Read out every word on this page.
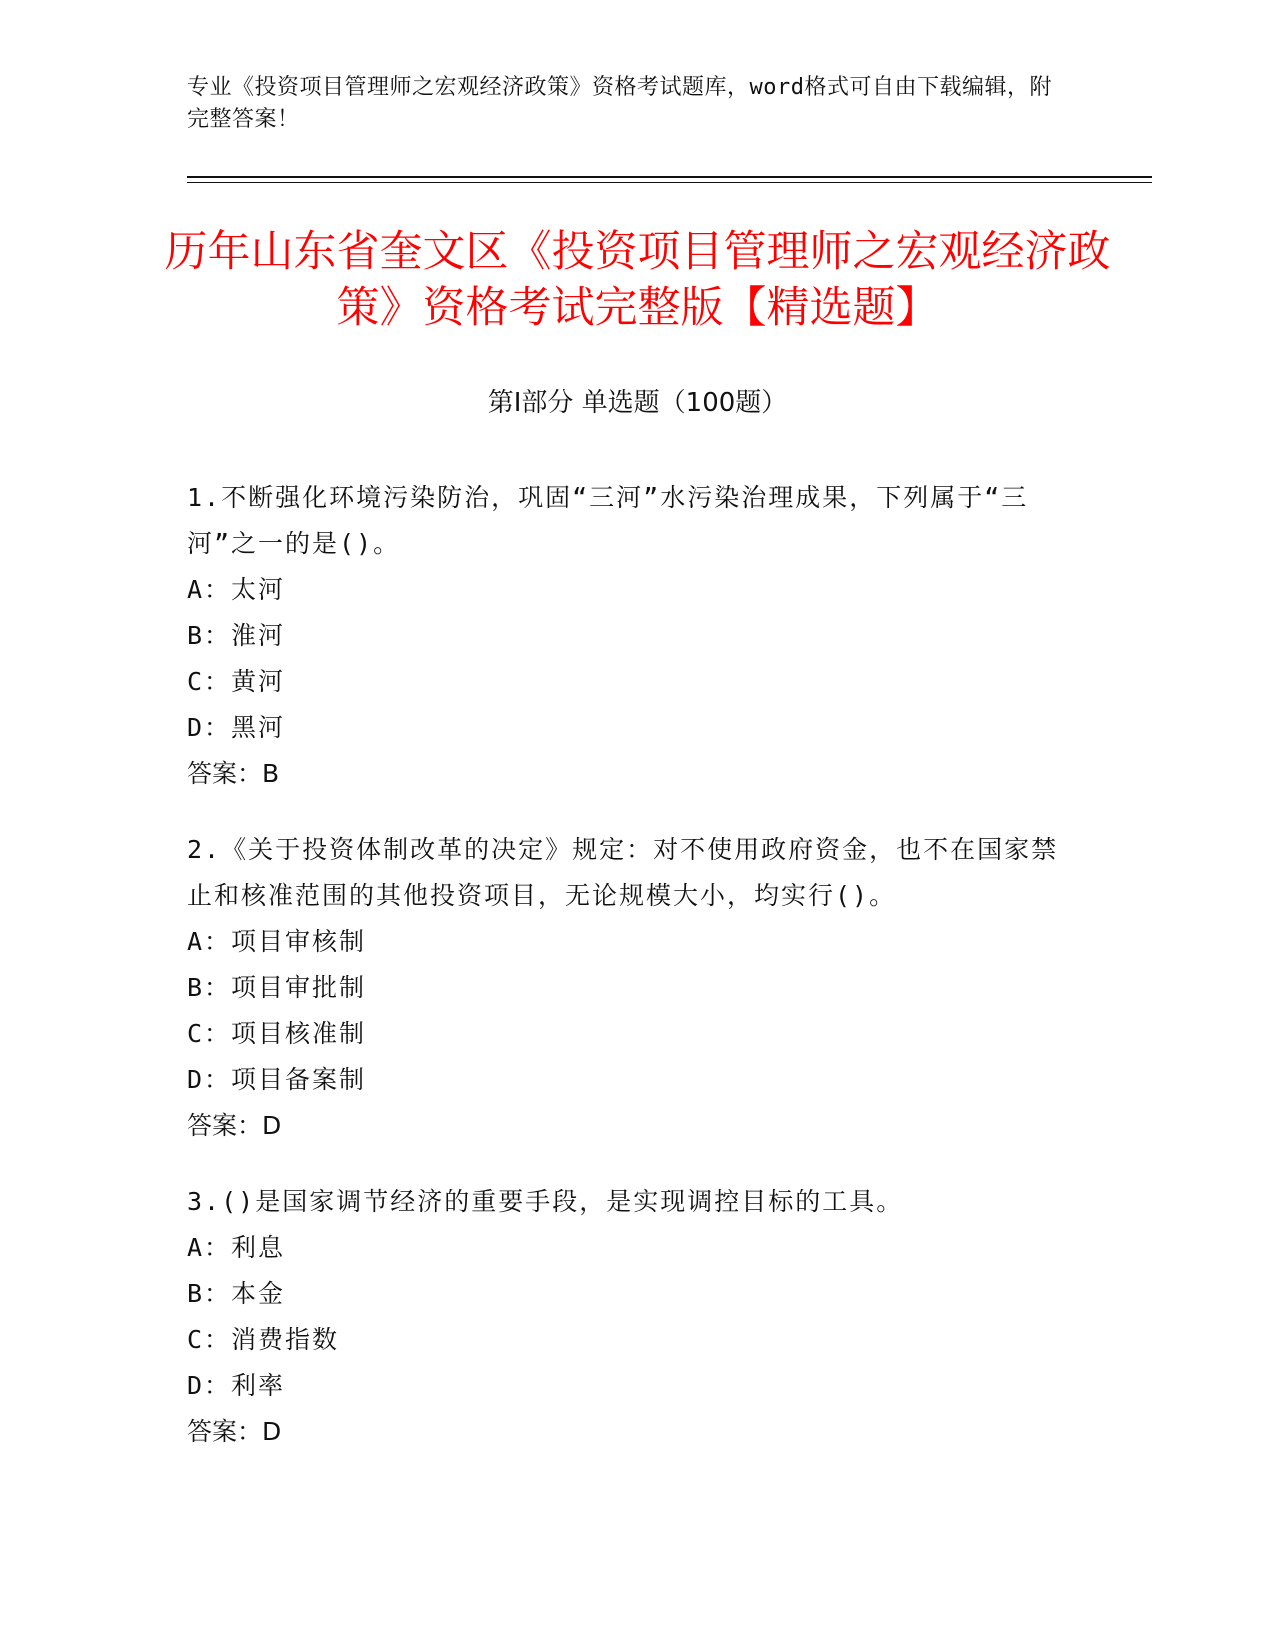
专业《投资项目管理师之宏观经济政策》资格考试题库，word格式可自由下载编辑，附完整答案！
历年山东省奎文区《投资项目管理师之宏观经济政策》资格考试完整版【精选题】
第I部分 单选题（100题）
1.不断强化环境污染防治，巩固“三河”水污染治理成果，下列属于“三河”之一的是()。
A：太河
B：淮河
C：黄河
D：黑河
答案：B
2.《关于投资体制改革的决定》规定：对不使用政府资金，也不在国家禁止和核准范围的其他投资项目，无论规模大小，均实行()。
A：项目审核制
B：项目审批制
C：项目核准制
D：项目备案制
答案：D
3.()是国家调节经济的重要手段，是实现调控目标的工具。
A：利息
B：本金
C：消费指数
D：利率
答案：D
